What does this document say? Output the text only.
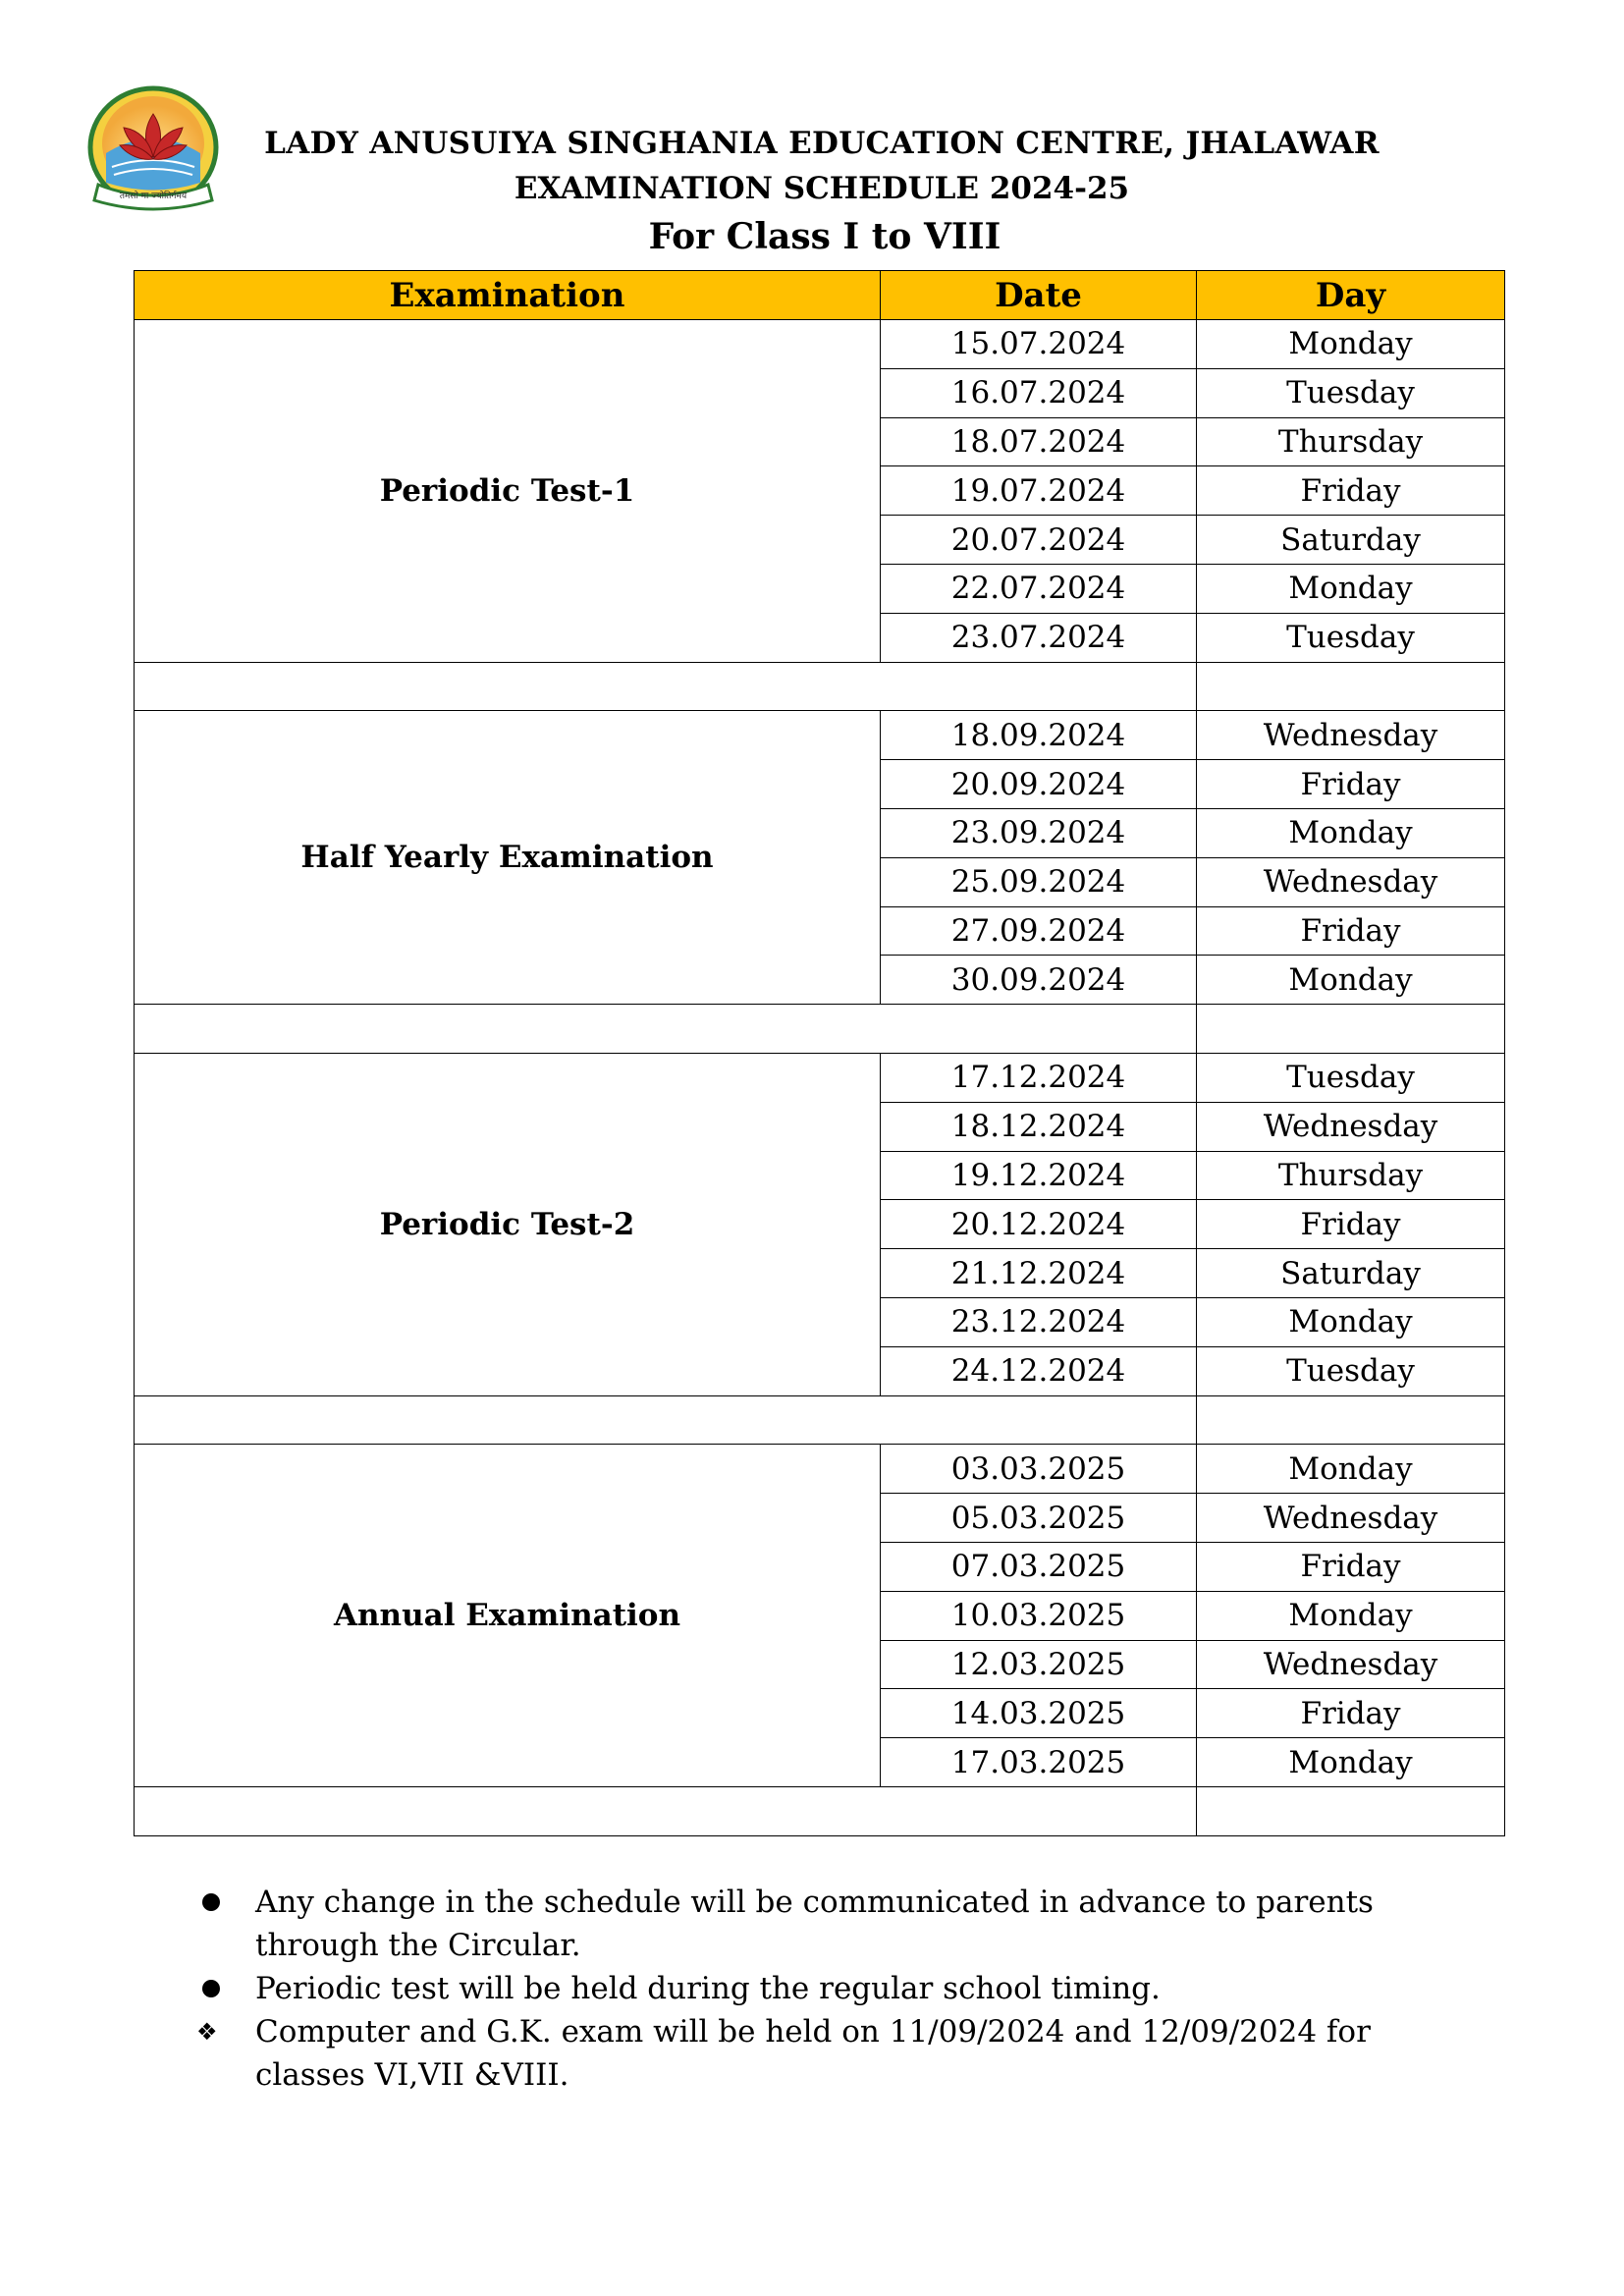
तमसो मा ज्योतिर्गमय
LADY ANUSUIYA SINGHANIA EDUCATION CENTRE, JHALAWAR
EXAMINATION SCHEDULE 2024-25
For Class I to VIII
Examination	Date	Day
Periodic Test-1	15.07.2024	Monday
	16.07.2024	Tuesday
	18.07.2024	Thursday
	19.07.2024	Friday
	20.07.2024	Saturday
	22.07.2024	Monday
	23.07.2024	Tuesday

Half Yearly Examination	18.09.2024	Wednesday
	20.09.2024	Friday
	23.09.2024	Monday
	25.09.2024	Wednesday
	27.09.2024	Friday
	30.09.2024	Monday

Periodic Test-2	17.12.2024	Tuesday
	18.12.2024	Wednesday
	19.12.2024	Thursday
	20.12.2024	Friday
	21.12.2024	Saturday
	23.12.2024	Monday
	24.12.2024	Tuesday

Annual Examination	03.03.2025	Monday
	05.03.2025	Wednesday
	07.03.2025	Friday
	10.03.2025	Monday
	12.03.2025	Wednesday
	14.03.2025	Friday
	17.03.2025	Monday

Any change in the schedule will be communicated in advance to parents through the Circular.
Periodic test will be held during the regular school timing.
❖	Computer and G.K. exam will be held on 11/09/2024 and 12/09/2024 for classes VI,VII &VIII.
